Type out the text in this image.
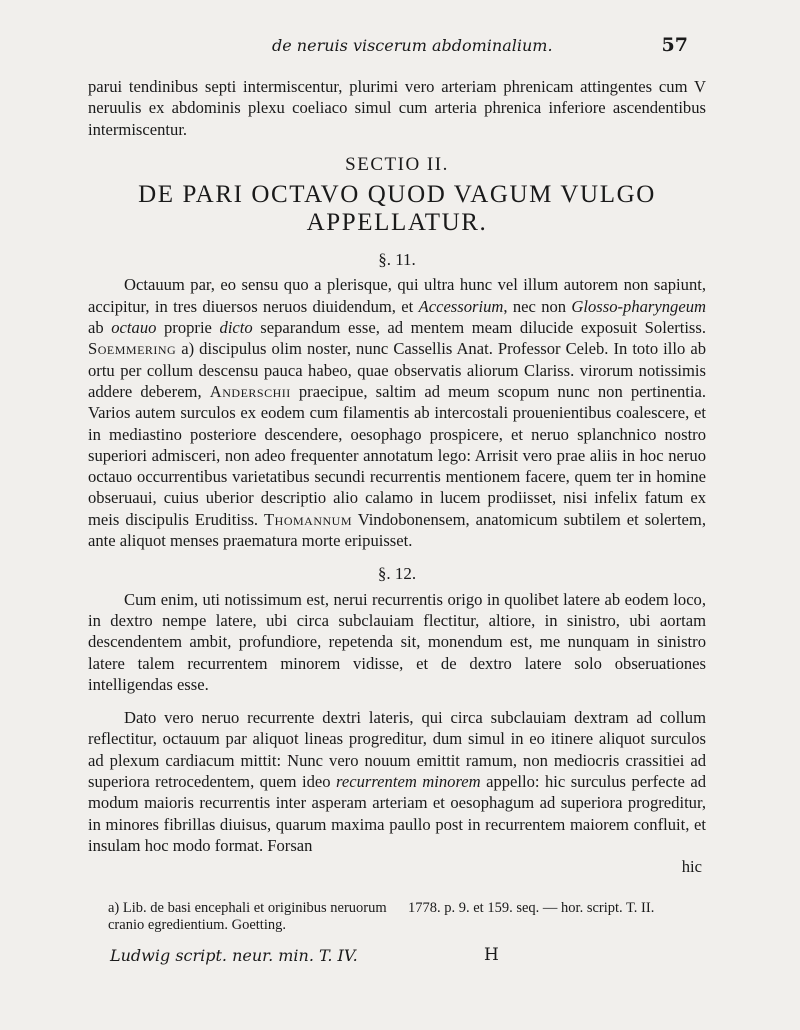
de neruis viscerum abdominalium.	57

parui tendinibus septi intermiscentur, plurimi vero arteriam phrenicam attingentes cum V neruulis ex abdominis plexu coeliaco simul cum arteria phrenica inferiore ascendentibus intermiscentur.

SECTIO II.

DE PARI OCTAVO QUOD VAGUM VULGO
APPELLATUR.

§. 11.

Octauum par, eo sensu quo a plerisque, qui ultra hunc vel illum autorem non sapiunt, accipitur, in tres diuersos neruos diuidendum, et Accessorium, nec non Glosso-pharyngeum ab octauo proprie dicto separandum esse, ad mentem meam dilucide exposuit Solertiss. Soemmering a) discipulus olim noster, nunc Cassellis Anat. Professor Celeb. In toto illo ab ortu per collum descensu pauca habeo, quae observatis aliorum Clariss. virorum notissimis addere deberem, Anderschii praecipue, saltim ad meum scopum nunc non pertinentia. Varios autem surculos ex eodem cum filamentis ab intercostali prouenientibus coalescere, et in mediastino posteriore descendere, oesophago prospicere, et neruo splanchnico nostro superiori admisceri, non adeo frequenter annotatum lego: Arrisit vero prae aliis in hoc neruo octauo occurrentibus varietatibus secundi recurrentis mentionem facere, quem ter in homine obseruaui, cuius uberior descriptio alio calamo in lucem prodiisset, nisi infelix fatum ex meis discipulis Eruditiss. Thomannum Vindobonensem, anatomicum subtilem et solertem, ante aliquot menses praematura morte eripuisset.

§. 12.

Cum enim, uti notissimum est, nerui recurrentis origo in quolibet latere ab eodem loco, in dextro nempe latere, ubi circa subclauiam flectitur, altiore, in sinistro, ubi aortam descendentem ambit, profundiore, repetenda sit, monendum est, me nunquam in sinistro latere talem recurrentem minorem vidisse, et de dextro latere solo obseruationes intelligendas esse.

Dato vero neruo recurrente dextri lateris, qui circa subclauiam dextram ad collum reflectitur, octauum par aliquot lineas progreditur, dum simul in eo itinere aliquot surculos ad plexum cardiacum mittit: Nunc vero nouum emittit ramum, non mediocris crassitiei ad superiora retrocedentem, quem ideo recurrentem minorem appello: hic surculus perfecte ad modum maioris recurrentis inter asperam arteriam et oesophagum ad superiora progreditur, in minores fibrillas diuisus, quarum maxima paullo post in recurrentem maiorem confluit, et insulam hoc modo format. Forsan

hic

a) Lib. de basi encephali et originibus neruorum cranio egredientium. Goetting.
1778. p. 9. et 159. seq. — hor. script. T. II.
Ludwig script. neur. min. T. IV.	H
